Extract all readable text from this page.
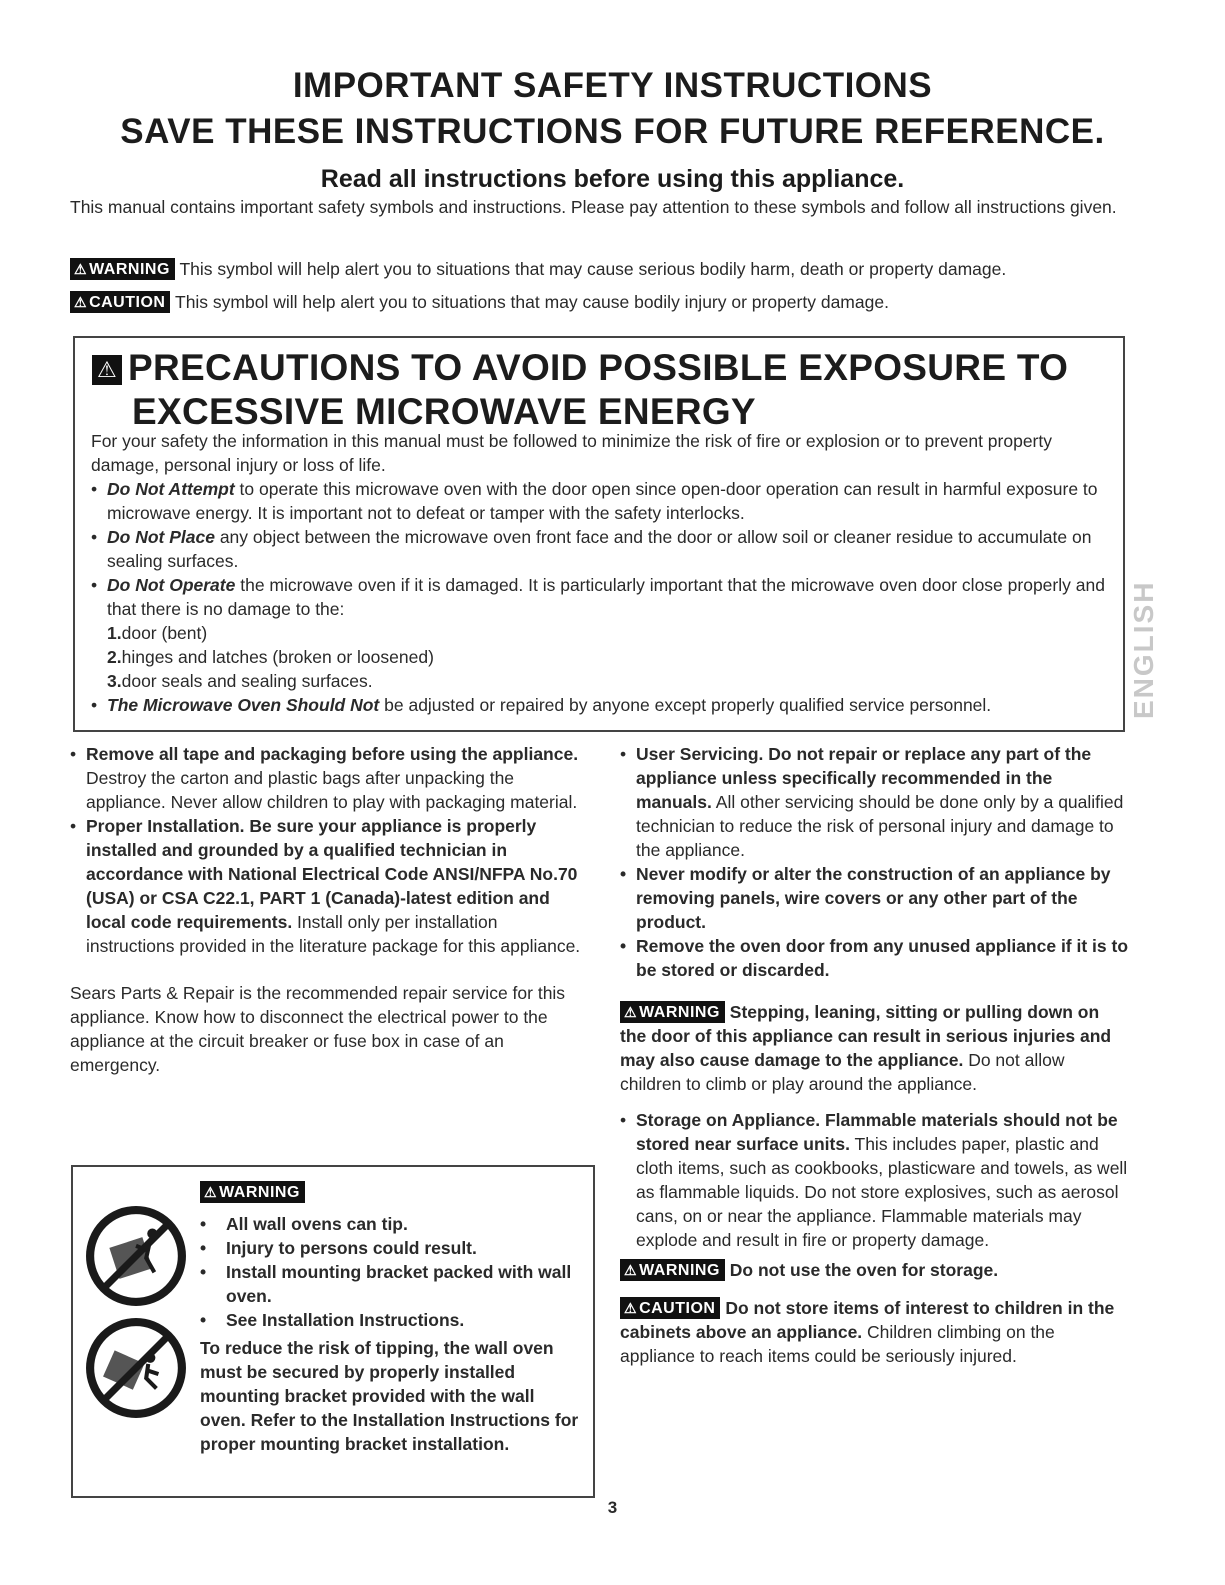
IMPORTANT SAFETY INSTRUCTIONS
SAVE THESE INSTRUCTIONS FOR FUTURE REFERENCE.
Read all instructions before using this appliance.
This manual contains important safety symbols and instructions. Please pay attention to these symbols and follow all instructions given.
⚠ WARNING This symbol will help alert you to situations that may cause serious bodily harm, death or property damage.
⚠ CAUTION This symbol will help alert you to situations that may cause bodily injury or property damage.
⚠ PRECAUTIONS TO AVOID POSSIBLE EXPOSURE TO
EXCESSIVE MICROWAVE ENERGY

For your safety the information in this manual must be followed to minimize the risk of fire or explosion or to prevent property damage, personal injury or loss of life.

• Do Not Attempt to operate this microwave oven with the door open since open-door operation can result in harmful exposure to microwave energy. It is important not to defeat or tamper with the safety interlocks.

• Do Not Place any object between the microwave oven front face and the door or allow soil or cleaner residue to accumulate on sealing surfaces.

• Do Not Operate the microwave oven if it is damaged. It is particularly important that the microwave oven door close properly and that there is no damage to the:

1.door (bent)

2.hinges and latches (broken or loosened)

3.door seals and sealing surfaces.

• The Microwave Oven Should Not be adjusted or repaired by anyone except properly qualified service personnel.	ENGLISH

• Remove all tape and packaging before using the appliance. Destroy the carton and plastic bags after unpacking the appliance. Never allow children to play with packaging material.

• Proper Installation. Be sure your appliance is properly installed and grounded by a qualified technician in accordance with National Electrical Code ANSI/NFPA No.70 (USA) or CSA C22.1, PART 1 (Canada)-latest edition and local code requirements. Install only per installation instructions provided in the literature package for this appliance.

Sears Parts & Repair is the recommended repair service for this appliance. Know how to disconnect the electrical power to the appliance at the circuit breaker or fuse box in case of an emergency.

⚠ WARNING

• All wall ovens can tip.

• Injury to persons could result.

• Install mounting bracket packed with wall oven.

• See Installation Instructions.

To reduce the risk of tipping, the wall oven must be secured by properly installed mounting bracket provided with the wall oven. Refer to the Installation Instructions for proper mounting bracket installation.

• User Servicing. Do not repair or replace any part of the appliance unless specifically recommended in the manuals. All other servicing should be done only by a qualified technician to reduce the risk of personal injury and damage to the appliance.

• Never modify or alter the construction of an appliance by removing panels, wire covers or any other part of the product.

• Remove the oven door from any unused appliance if it is to be stored or discarded.

⚠ WARNING Stepping, leaning, sitting or pulling down on the door of this appliance can result in serious injuries and may also cause damage to the appliance. Do not allow children to climb or play around the appliance.

• Storage on Appliance. Flammable materials should not be stored near surface units. This includes paper, plastic and cloth items, such as cookbooks, plasticware and towels, as well as flammable liquids. Do not store explosives, such as aerosol cans, on or near the appliance. Flammable materials may explode and result in fire or property damage.

⚠ WARNING Do not use the oven for storage.

⚠ CAUTION Do not store items of interest to children in the cabinets above an appliance. Children climbing on the appliance to reach items could be seriously injured.

3
